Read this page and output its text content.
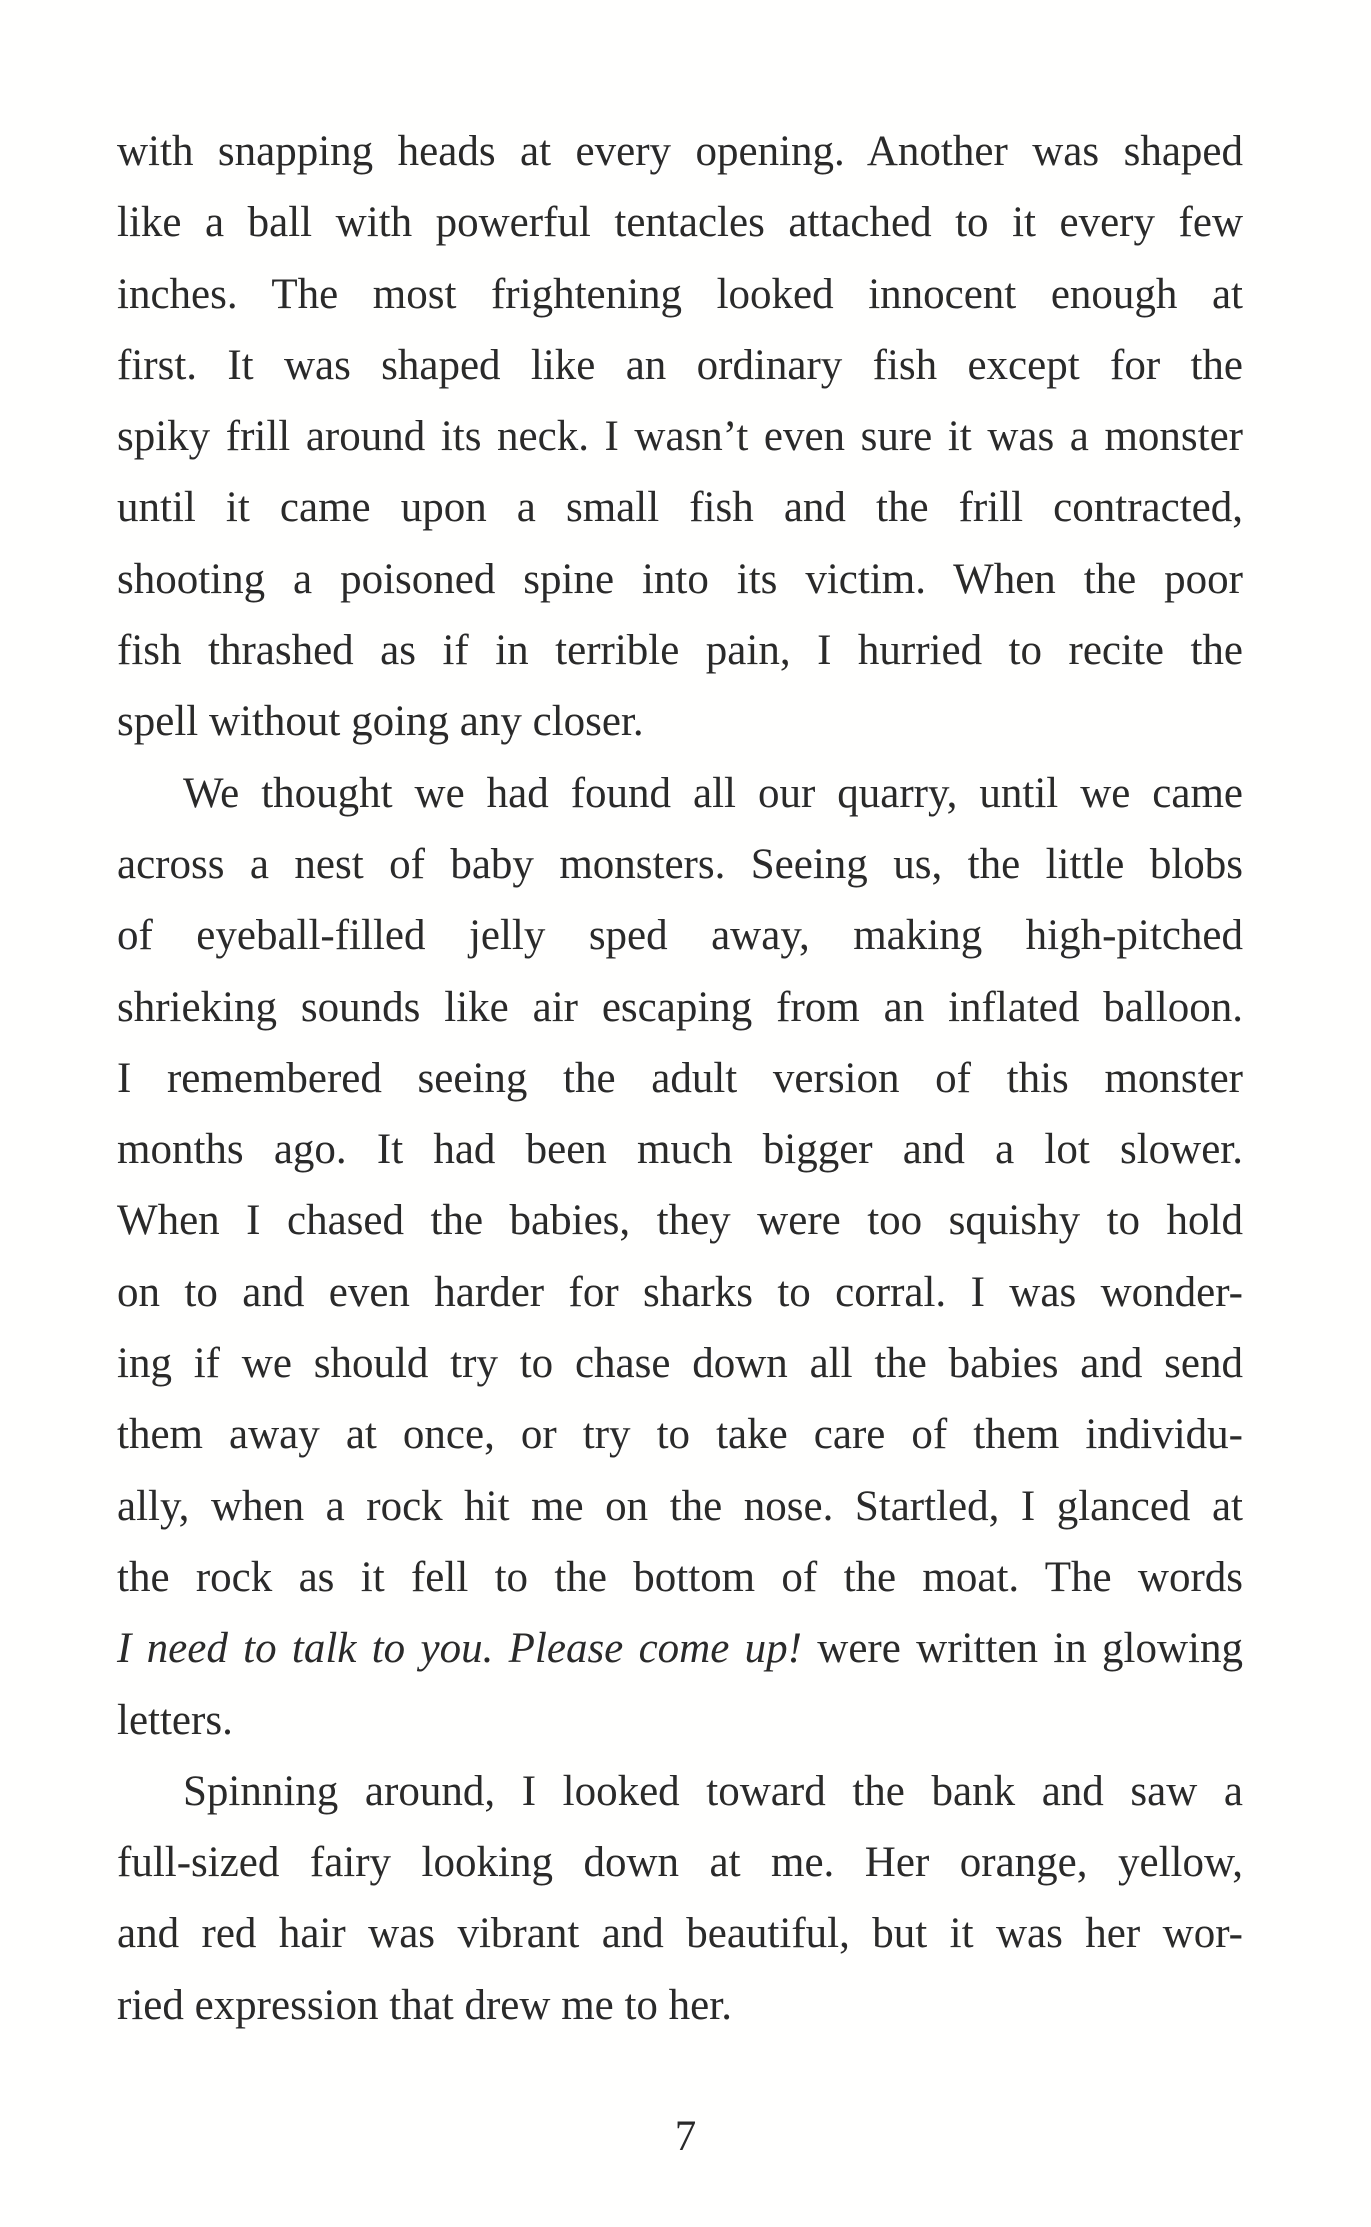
with snapping heads at every opening. Another was shaped
like a ball with powerful tentacles attached to it every few
inches. The most frightening looked innocent enough at
first. It was shaped like an ordinary fish except for the
spiky frill around its neck. I wasn’t even sure it was a monster
until it came upon a small fish and the frill contracted,
shooting a poisoned spine into its victim. When the poor
fish thrashed as if in terrible pain, I hurried to recite the
spell without going any closer.
We thought we had found all our quarry, until we came
across a nest of baby monsters. Seeing us, the little blobs
of eyeball-filled jelly sped away, making high-pitched
shrieking sounds like air escaping from an inflated balloon.
I remembered seeing the adult version of this monster
months ago. It had been much bigger and a lot slower.
When I chased the babies, they were too squishy to hold
on to and even harder for sharks to corral. I was wonder-
ing if we should try to chase down all the babies and send
them away at once, or try to take care of them individu-
ally, when a rock hit me on the nose. Startled, I glanced at
the rock as it fell to the bottom of the moat. The words
I need to talk to you. Please come up! were written in glowing
letters.
Spinning around, I looked toward the bank and saw a
full-sized fairy looking down at me. Her orange, yellow,
and red hair was vibrant and beautiful, but it was her wor-
ried expression that drew me to her.
7
